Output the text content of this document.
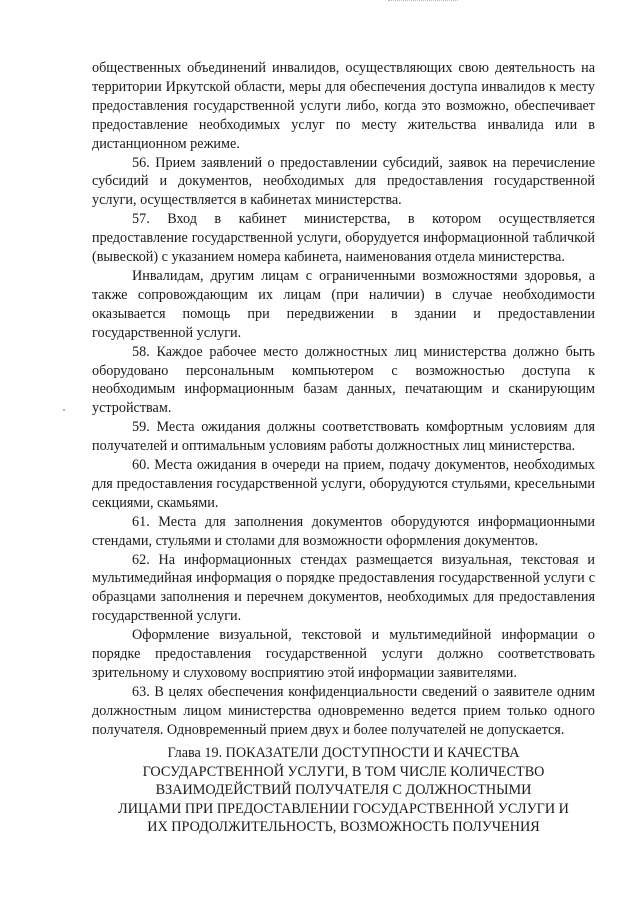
общественных объединений инвалидов, осуществляющих свою деятельность на территории Иркутской области, меры для обеспечения доступа инвалидов к месту предоставления государственной услуги либо, когда это возможно, обеспечивает предоставление необходимых услуг по месту жительства инвалида или в дистанционном режиме.

56. Прием заявлений о предоставлении субсидий, заявок на перечисление субсидий и документов, необходимых для предоставления государственной услуги, осуществляется в кабинетах министерства.

57. Вход в кабинет министерства, в котором осуществляется предоставление государственной услуги, оборудуется информационной табличкой (вывеской) с указанием номера кабинета, наименования отдела министерства.

Инвалидам, другим лицам с ограниченными возможностями здоровья, а также сопровождающим их лицам (при наличии) в случае необходимости оказывается помощь при передвижении в здании и предоставлении государственной услуги.

58. Каждое рабочее место должностных лиц министерства должно быть оборудовано персональным компьютером с возможностью доступа к необходимым информационным базам данных, печатающим и сканирующим устройствам.

59. Места ожидания должны соответствовать комфортным условиям для получателей и оптимальным условиям работы должностных лиц министерства.

60. Места ожидания в очереди на прием, подачу документов, необходимых для предоставления государственной услуги, оборудуются стульями, кресельными секциями, скамьями.

61. Места для заполнения документов оборудуются информационными стендами, стульями и столами для возможности оформления документов.

62. На информационных стендах размещается визуальная, текстовая и мультимедийная информация о порядке предоставления государственной услуги с образцами заполнения и перечнем документов, необходимых для предоставления государственной услуги.

Оформление визуальной, текстовой и мультимедийной информации о порядке предоставления государственной услуги должно соответствовать зрительному и слуховому восприятию этой информации заявителями.

63. В целях обеспечения конфиденциальности сведений о заявителе одним должностным лицом министерства одновременно ведется прием только одного получателя. Одновременный прием двух и более получателей не допускается.

Глава 19. ПОКАЗАТЕЛИ ДОСТУПНОСТИ И КАЧЕСТВА
ГОСУДАРСТВЕННОЙ УСЛУГИ, В ТОМ ЧИСЛЕ КОЛИЧЕСТВО
ВЗАИМОДЕЙСТВИЙ ПОЛУЧАТЕЛЯ С ДОЛЖНОСТНЫМИ
ЛИЦАМИ ПРИ ПРЕДОСТАВЛЕНИИ ГОСУДАРСТВЕННОЙ УСЛУГИ И
ИХ ПРОДОЛЖИТЕЛЬНОСТЬ, ВОЗМОЖНОСТЬ ПОЛУЧЕНИЯ
